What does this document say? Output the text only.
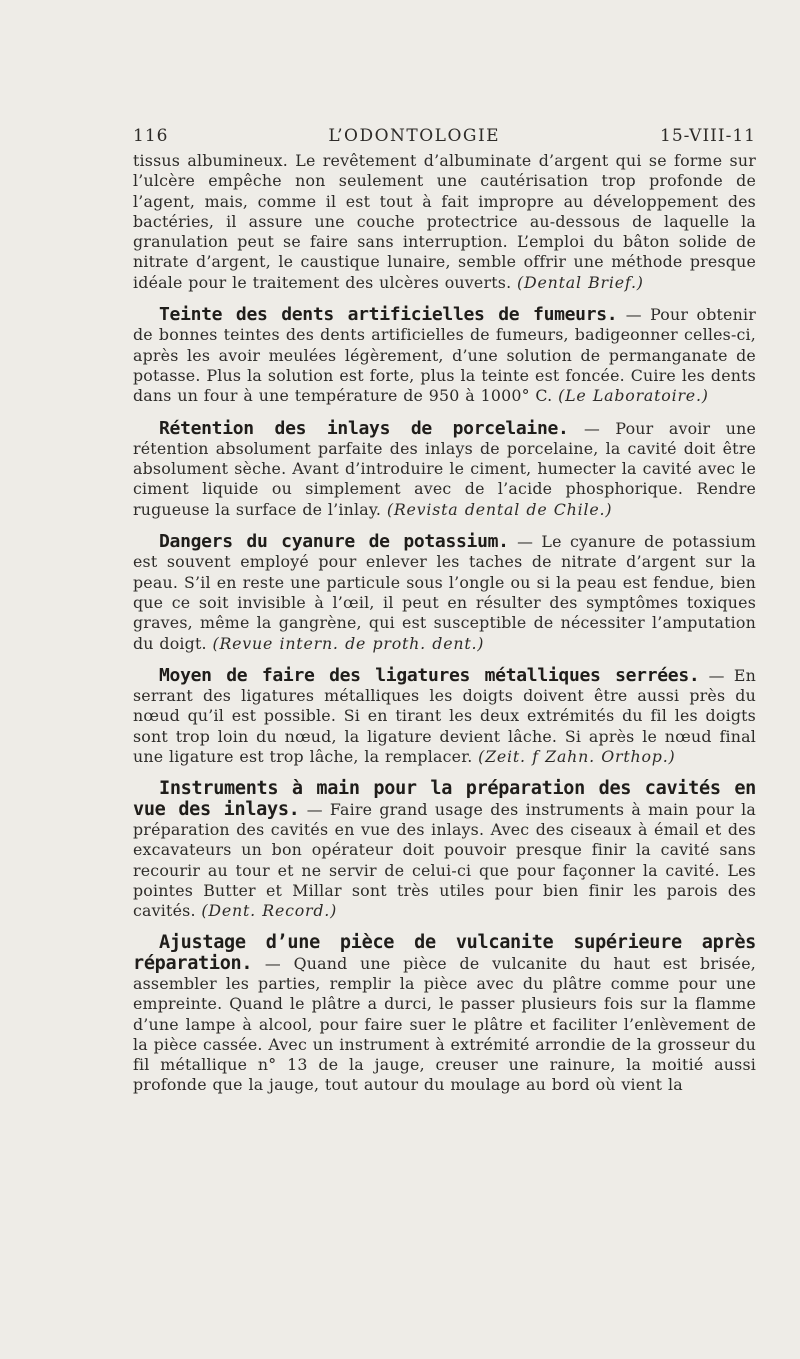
116	L’ODONTOLOGIE	15-VIII-11

tissus albumineux. Le revêtement d’albuminate d’argent qui se forme sur l’ulcère empêche non seulement une cautérisation trop profonde de l’agent, mais, comme il est tout à fait impropre au développement des bactéries, il assure une couche protectrice au-dessous de laquelle la granulation peut se faire sans interruption. L’emploi du bâton solide de nitrate d’argent, le caustique lunaire, semble offrir une méthode presque idéale pour le traitement des ulcères ouverts. (Dental Brief.)

Teinte des dents artificielles de fumeurs. — Pour obtenir de bonnes teintes des dents artificielles de fumeurs, badigeonner celles-ci, après les avoir meulées légèrement, d’une solution de permanganate de potasse. Plus la solution est forte, plus la teinte est foncée. Cuire les dents dans un four à une température de 950 à 1000° C. (Le Laboratoire.)

Rétention des inlays de porcelaine. — Pour avoir une rétention absolument parfaite des inlays de porcelaine, la cavité doit être absolument sèche. Avant d’introduire le ciment, humecter la cavité avec le ciment liquide ou simplement avec de l’acide phosphorique. Rendre rugueuse la surface de l’inlay. (Revista dental de Chile.)

Dangers du cyanure de potassium. — Le cyanure de potassium est souvent employé pour enlever les taches de nitrate d’argent sur la peau. S’il en reste une particule sous l’ongle ou si la peau est fendue, bien que ce soit invisible à l’œil, il peut en résulter des symptômes toxiques graves, même la gangrène, qui est susceptible de nécessiter l’amputation du doigt. (Revue intern. de proth. dent.)

Moyen de faire des ligatures métalliques serrées. — En serrant des ligatures métalliques les doigts doivent être aussi près du nœud qu’il est possible. Si en tirant les deux extrémités du fil les doigts sont trop loin du nœud, la ligature devient lâche. Si après le nœud final une ligature est trop lâche, la remplacer. (Zeit. f Zahn. Orthop.)

Instruments à main pour la préparation des cavités en vue des inlays. — Faire grand usage des instruments à main pour la préparation des cavités en vue des inlays. Avec des ciseaux à émail et des excavateurs un bon opérateur doit pouvoir presque finir la cavité sans recourir au tour et ne servir de celui-ci que pour façonner la cavité. Les pointes Butter et Millar sont très utiles pour bien finir les parois des cavités. (Dent. Record.)

Ajustage d’une pièce de vulcanite supérieure après réparation. — Quand une pièce de vulcanite du haut est brisée, assembler les parties, remplir la pièce avec du plâtre comme pour une empreinte. Quand le plâtre a durci, le passer plusieurs fois sur la flamme d’une lampe à alcool, pour faire suer le plâtre et faciliter l’enlèvement de la pièce cassée. Avec un instrument à extrémité arrondie de la grosseur du fil métallique n° 13 de la jauge, creuser une rainure, la moitié aussi profonde que la jauge, tout autour du moulage au bord où vient la
